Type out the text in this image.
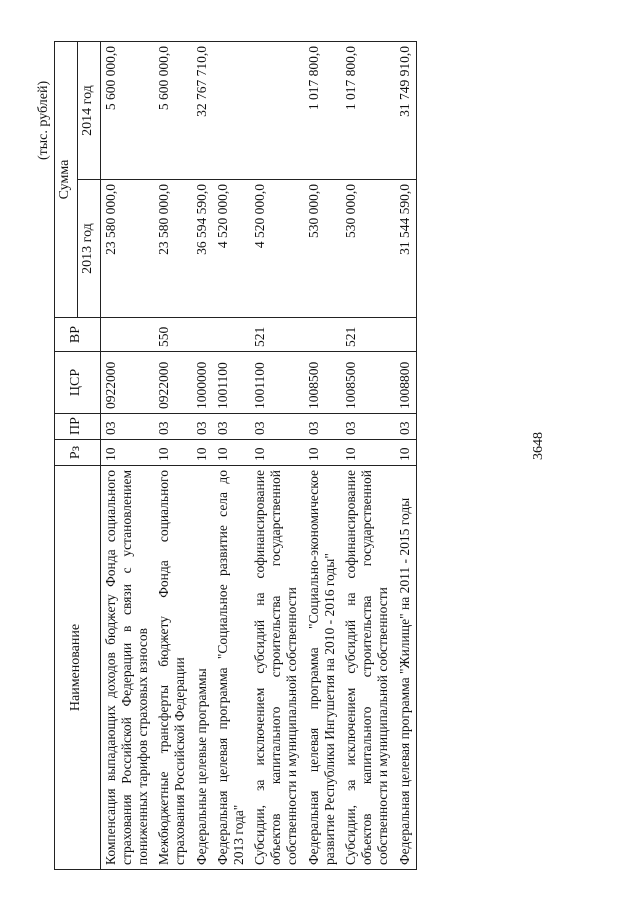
3648
(тыс. рублей)
Наименование	Рз	ПР	ЦСР	ВР	Сумма	
					2013 год	2014 год
Компенсация выпадающих доходов бюджету Фонда социального страхования Российской Федерации в связи с установлением пониженных тарифов страховых взносов	10	03	0922000		23 580 000,0	5 600 000,0
Межбюджетные трансферты бюджету Фонда социального страхования Российской Федерации	10	03	0922000	550	23 580 000,0	5 600 000,0
Федеральные целевые программы	10	03	1000000		36 594 590,0	32 767 710,0
Федеральная целевая программа "Социальное развитие села до 2013 года"	10	03	1001100		4 520 000,0	
Субсидии, за исключением субсидий на софинансирование объектов капитального строительства государственной собственности и муниципальной собственности	10	03	1001100	521	4 520 000,0	
Федеральная целевая программа "Социально-экономическое развитие Республики Ингушетия на 2010 - 2016 годы"	10	03	1008500		530 000,0	1 017 800,0
Субсидии, за исключением субсидий на софинансирование объектов капитального строительства государственной собственности и муниципальной собственности	10	03	1008500	521	530 000,0	1 017 800,0
Федеральная целевая программа "Жилище" на 2011 - 2015 годы	10	03	1008800		31 544 590,0	31 749 910,0
